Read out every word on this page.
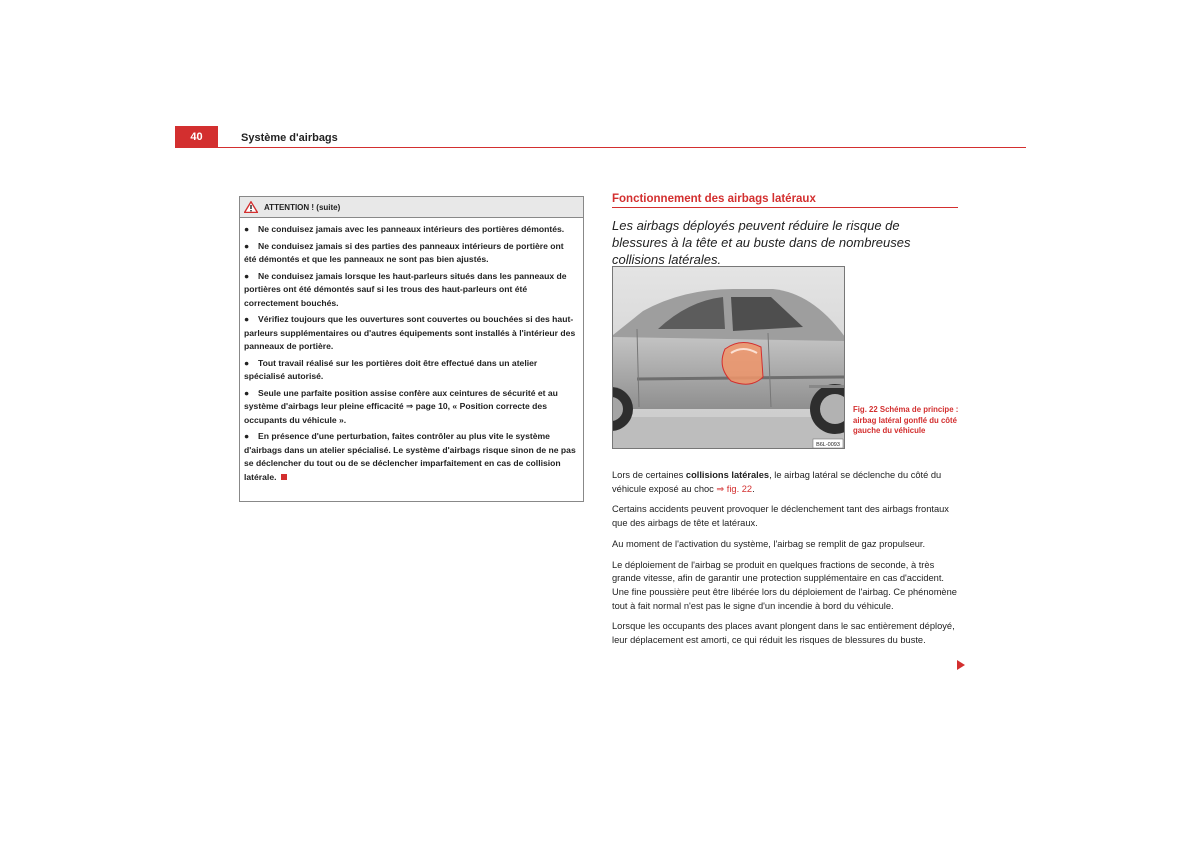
40	Système d'airbags
ATTENTION ! (suite)
● Ne conduisez jamais avec les panneaux intérieurs des portières démontés.
● Ne conduisez jamais si des parties des panneaux intérieurs de portière ont été démontés et que les panneaux ne sont pas bien ajustés.
● Ne conduisez jamais lorsque les haut-parleurs situés dans les panneaux de portières ont été démontés sauf si les trous des haut-parleurs ont été correctement bouchés.
● Vérifiez toujours que les ouvertures sont couvertes ou bouchées si des haut-parleurs supplémentaires ou d'autres équipements sont installés à l'intérieur des panneaux de portière.
● Tout travail réalisé sur les portières doit être effectué dans un atelier spécialisé autorisé.
● Seule une parfaite position assise confère aux ceintures de sécurité et au système d'airbags leur pleine efficacité ⇒ page 10, « Position correcte des occupants du véhicule ».
● En présence d'une perturbation, faites contrôler au plus vite le système d'airbags dans un atelier spécialisé. Le système d'airbags risque sinon de ne pas se déclencher du tout ou de se déclencher imparfaitement en cas de collision latérale.
Fonctionnement des airbags latéraux
Les airbags déployés peuvent réduire le risque de blessures à la tête et au buste dans de nombreuses collisions latérales.
B6L-0093
Fig. 22 Schéma de principe : airbag latéral gonflé du côté gauche du véhicule

Lors de certaines collisions latérales, le airbag latéral se déclenche du côté du véhicule exposé au choc ⇒ fig. 22.

Certains accidents peuvent provoquer le déclenchement tant des airbags frontaux que des airbags de tête et latéraux.

Au moment de l'activation du système, l'airbag se remplit de gaz propulseur.

Le déploiement de l'airbag se produit en quelques fractions de seconde, à très grande vitesse, afin de garantir une protection supplémentaire en cas d'accident. Une fine poussière peut être libérée lors du déploiement de l'airbag. Ce phénomène tout à fait normal n'est pas le signe d'un incendie à bord du véhicule.

Lorsque les occupants des places avant plongent dans le sac entièrement déployé, leur déplacement est amorti, ce qui réduit les risques de blessures du buste.
